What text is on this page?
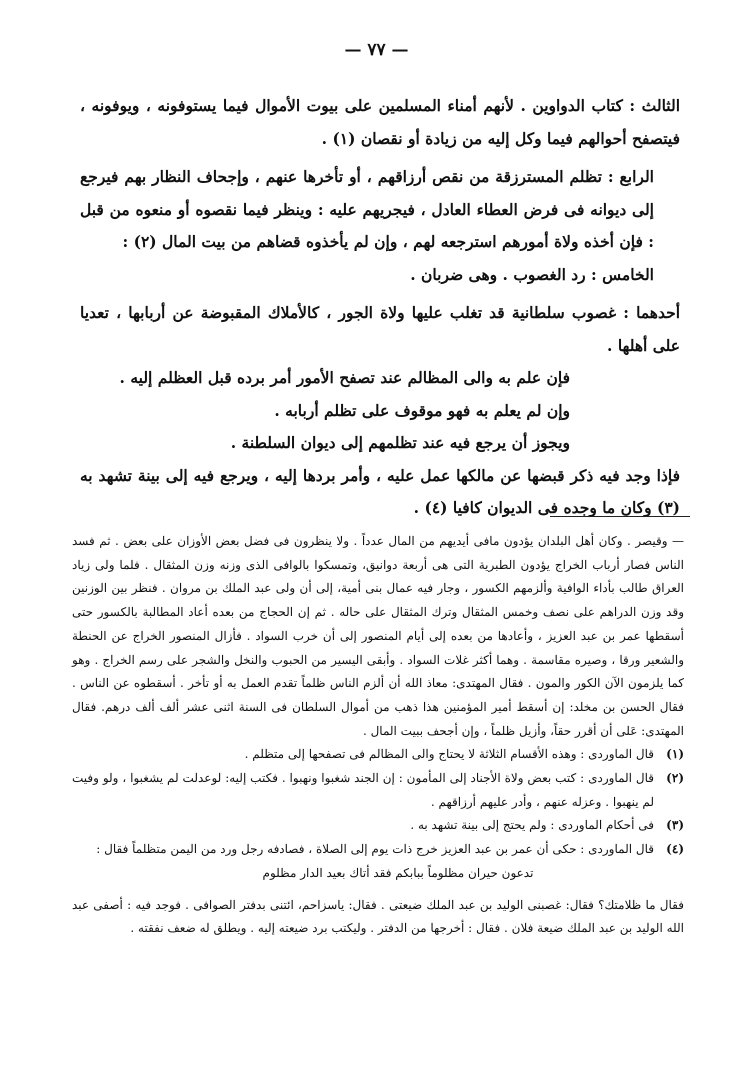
— ٧٧ —

الثالث : كتاب الدواوين . لأنهم أمناء المسلمين على بيوت الأموال فيما يستوفونه ، ويوفونه ، فيتصفح أحوالهم فيما وكل إليه من زيادة أو نقصان (١) .

الرابع : تظلم المسترزقة من نقص أرزاقهم ، أو تأخرها عنهم ، وإجحاف النظار بهم فيرجع إلى ديوانه فى فرض العطاء العادل ، فيجريهم عليه : وينظر فيما نقصوه أو منعوه من قبل : فإن أخذه ولاة أمورهم استرجعه لهم ، وإن لم يأخذوه قضاهم من بيت المال (٢) :

الخامس : رد الغصوب . وهى ضربان .

أحدهما : غصوب سلطانية قد تغلب عليها ولاة الجور ، كالأملاك المقبوضة عن أربابها ، تعديا على أهلها .

فإن علم به والى المظالم عند تصفح الأمور أمر برده قبل العظلم إليه .

وإن لم يعلم به فهو موقوف على تظلم أربابه .

ويجوز أن يرجع فيه عند تظلمهم إلى ديوان السلطنة .

فإذا وجد فيه ذكر قبضها عن مالكها عمل عليه ، وأمر بردها إليه ، ويرجع فيه إلى بينة تشهد به (٣) وكان ما وجده فى الديوان كافيا (٤) .

— وقيصر . وكان أهل البلدان يؤدون مافى أيديهم من المال عدداً . ولا ينظرون فى فضل بعض الأوزان على بعض . ثم فسد الناس فصار أرباب الخراج يؤدون الطبرية التى هى أربعة دوانيق، وتمسكوا بالوافى الذى وزنه وزن المثقال . فلما ولى زياد العراق طالب بأداء الوافية وألزمهم الكسور ، وجار فيه عمال بنى أمية، إلى أن ولى عبد الملك بن مروان . فنظر بين الوزنين وقد وزن الدراهم على نصف وخمس المثقال وترك المثقال على حاله . ثم إن الحجاج من بعده أعاد المطالبة بالكسور حتى أسقطها عمر بن عبد العزيز ، وأعادها من بعده إلى أيام المنصور إلى أن خرب السواد . فأزال المنصور الخراج عن الحنطة والشعير ورقا ، وصيره مقاسمة . وهما أكثر غلات السواد . وأبقى اليسير من الحبوب والنخل والشجر على رسم الخراج . وهو كما يلزمون الآن الكور والمون . فقال المهتدى: معاذ الله أن ألزم الناس ظلماً تقدم العمل به أو تأخر . أسقطوه عن الناس . فقال الحسن بن مخلد: إن أسقط أمير المؤمنين هذا ذهب من أموال السلطان فى السنة اثنى عشر ألف ألف درهم. فقال المهتدى: عَلى أن أقرر حقاً، وأزيل ظلماً ، وإن أجحف ببيت المال .

(١)
قال الماوردى : وهذه الأقسام الثلاثة لا يحتاج والى المظالم فى تصفحها إلى متظلم .
(٢)
قال الماوردى : كتب بعض ولاة الأجناد إلى المأمون : إن الجند شغبوا ونهبوا . فكتب إليه: لوعدلت لم يشغبوا ، ولو وفيت لم ينهبوا . وعزله عنهم ، وأدر عليهم أرزاقهم .
(٣)
فى أحكام الماوردى : ولم يحتج إلى بينة تشهد به .
(٤)
قال الماوردى : حكى أن عمر بن عبد العزيز خرج ذات يوم إلى الصلاة ، فصادفه رجل ورد من اليمن متظلماً فقال :

تدعون حيران مظلوماً ببابكم فقد أتاك بعيد الدار مظلوم

فقال ما ظلامتك؟ فقال: غصبنى الوليد بن عبد الملك ضيعتى . فقال: ياسزاحم، ائتنى بدفتر الصوافى . فوجد فيه : أصفى عبد الله الوليد بن عبد الملك ضيعة فلان . فقال : أخرجها من الدفتر . وليكتب برد ضيعته إليه . ويطلق له ضعف نفقته .
